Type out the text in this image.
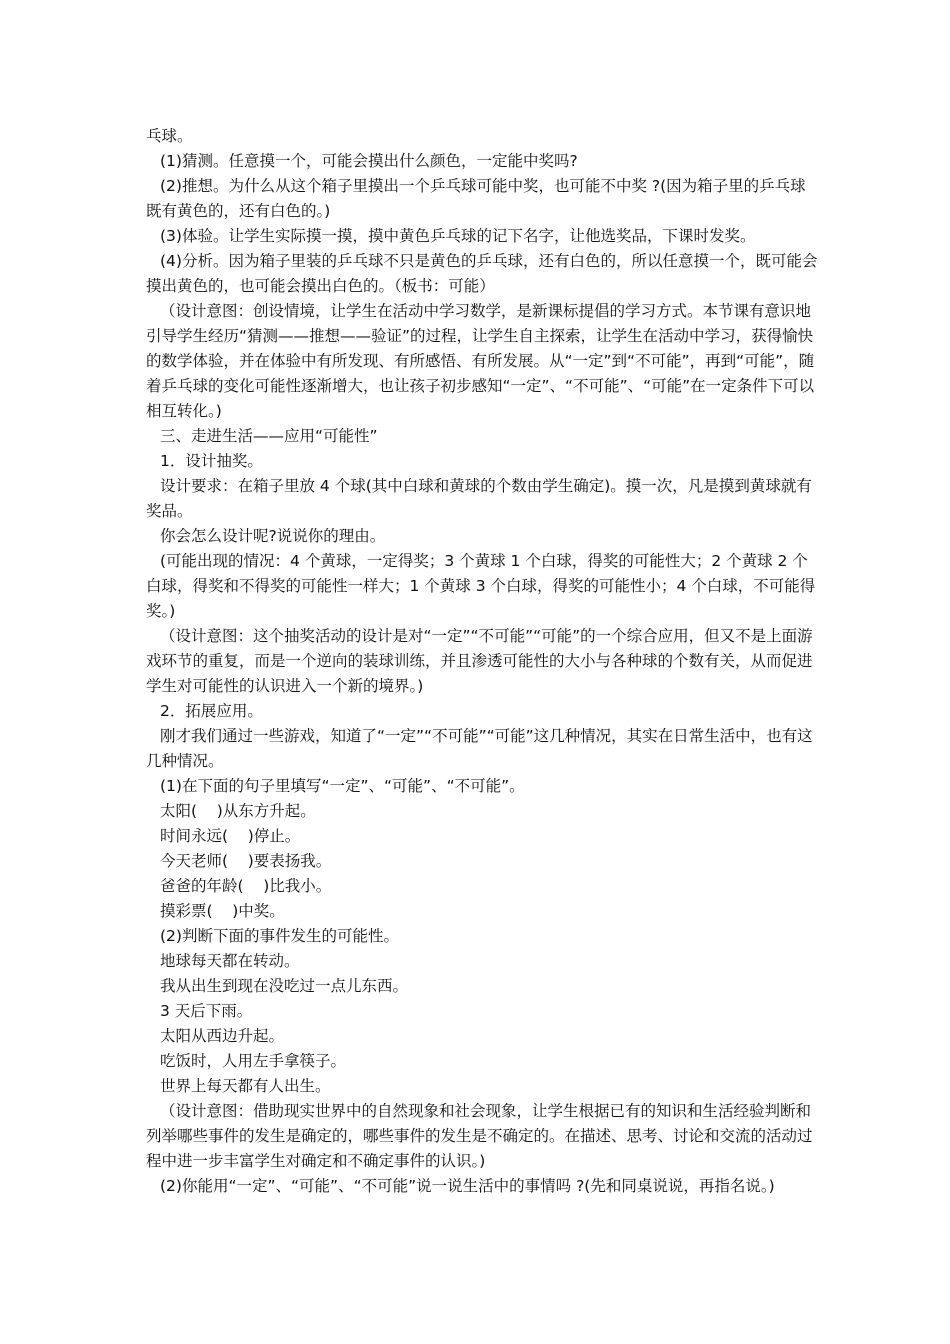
乓球。

(1)猜测。任意摸一个，可能会摸出什么颜色，一定能中奖吗?

(2)推想。为什么从这个箱子里摸出一个乒乓球可能中奖，也可能不中奖 ?(因为箱子里的乒乓球既有黄色的，还有白色的。)

(3)体验。让学生实际摸一摸，摸中黄色乒乓球的记下名字，让他选奖品，下课时发奖。

(4)分析。因为箱子里装的乒乓球不只是黄色的乒乓球，还有白色的，所以任意摸一个，既可能会摸出黄色的，也可能会摸出白色的。（板书：可能）

（设计意图：创设情境，让学生在活动中学习数学，是新课标提倡的学习方式。本节课有意识地引导学生经历“猜测——推想——验证”的过程，让学生自主探索，让学生在活动中学习，获得愉快的数学体验，并在体验中有所发现、有所感悟、有所发展。从“一定”到“不可能”，再到“可能”，随着乒乓球的变化可能性逐渐增大，也让孩子初步感知“一定”、“不可能”、“可能”在一定条件下可以相互转化。)

三、走进生活——应用“可能性”

1．设计抽奖。

设计要求：在箱子里放 4 个球(其中白球和黄球的个数由学生确定)。摸一次，凡是摸到黄球就有奖品。

你会怎么设计呢?说说你的理由。

(可能出现的情况：4 个黄球，一定得奖；3 个黄球 1 个白球，得奖的可能性大；2 个黄球 2 个白球，得奖和不得奖的可能性一样大；1 个黄球 3 个白球，得奖的可能性小；4 个白球，不可能得奖。)

（设计意图：这个抽奖活动的设计是对“一定”“不可能”“可能”的一个综合应用，但又不是上面游戏环节的重复，而是一个逆向的装球训练，并且渗透可能性的大小与各种球的个数有关，从而促进学生对可能性的认识进入一个新的境界。)

2．拓展应用。

刚才我们通过一些游戏，知道了“一定”“不可能”“可能”这几种情况，其实在日常生活中，也有这几种情况。

(1)在下面的句子里填写“一定”、“可能”、“不可能”。

太阳(    )从东方升起。

时间永远(    )停止。

今天老师(    )要表扬我。

爸爸的年龄(    )比我小。

摸彩票(    )中奖。

(2)判断下面的事件发生的可能性。

地球每天都在转动。

我从出生到现在没吃过一点儿东西。

3 天后下雨。

太阳从西边升起。

吃饭时，人用左手拿筷子。

世界上每天都有人出生。

（设计意图：借助现实世界中的自然现象和社会现象，让学生根据已有的知识和生活经验判断和列举哪些事件的发生是确定的，哪些事件的发生是不确定的。在描述、思考、讨论和交流的活动过程中进一步丰富学生对确定和不确定事件的认识。)

(2)你能用“一定”、“可能”、“不可能”说一说生活中的事情吗 ?(先和同桌说说，再指名说。)
